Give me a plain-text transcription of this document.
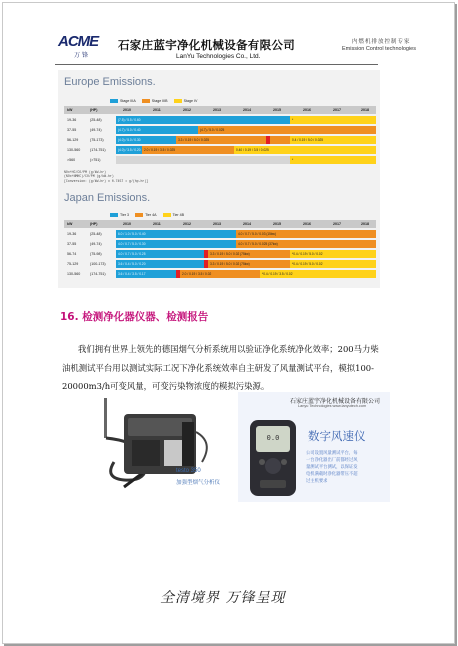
ACME
万锋
石家庄蓝宇净化机械设备有限公司
LanYu Technologies Co., Ltd.
内燃机排放控制专家
Emission Control technologies
Europe Emissions.
Stage IIIA	Stage IIIB	Stage IV
kW	(HP)	2010	2011	2012	2013	2014	2015	2016	2017	2018
19-36	(25-48)	(7.5) / 5.5 / 0.60	*
37-55	(49-74)	(4.7) / 5.0 / 0.40	(4.7) / 5.0 / 0.025
56-129	(75-173)	(4.0) / 5.0 / 0.30	3.3 / 0.19 / 5.0 / 0.025	0.4 / 0.19 / 5.0 / 0.025
130-560	(174-751)	(4.0) / 3.5 / 0.20	2.0 / 0.19 / 3.5 / 0.025	0.40 / 0.19 / 3.5 / 0.025
>560	(>751)	*
NOx+HC/CO/PM (g/kW-hr)
(NOx+NMHC)/CO/PM (g/kW-hr)
[Conversion: (g/kW-hr) x 0.7457 = g/(hp-hr)]
Japan Emissions.
Tier 3	Tier 4A	Tier 4B
kW	(HP)	2010	2011	2012	2013	2014	2015	2016	2017	2018
19-36	(25-48)	6.0 / 1.0 / 5.0 / 0.40	4.0 / 0.7 / 5.0 / 0.03 (15kw)
37-55	(49-74)	4.0 / 0.7 / 5.0 / 0.30	4.0 / 0.7 / 5.0 / 0.025 (37kw)
56-74	(75-98)	4.0 / 0.7 / 5.0 / 0.25	3.3 / 0.19 / 5.0 / 0.02 (75kw)	*0.4 / 0.19 / 5.0 / 0.02
75-129	(100-173)	3.6 / 0.4 / 5.0 / 0.20	3.3 / 0.19 / 5.0 / 0.02 (75kw)	*0.4 / 0.19 / 5.0 / 0.02
130-560	(174-751)	3.6 / 0.4 / 3.5 / 0.17	2.0 / 0.19 / 3.5 / 0.02	*0.4 / 0.19 / 3.5 / 0.02
16. 检测净化器仪器、检测报告

我们拥有世界上领先的德国烟气分析系统用以验证净化系统净化效率；200马力柴油机测试平台用以测试实际工况下净化系统效率自主研发了风量测试平台，模拟100-20000m3/h可变风量，可变污染物浓度的模拟污染源。

testo 350
加强型烟气分析仪
石家庄蓝宇净化机械设备有限公司
Lanyu Technologies www.lanyutech.com
0.0 数字风速仪

公司设置风量测试平台，每

一台净化器出厂前都经过风

量测试平台测试，以保证发

电机满载时净化器带压不超

过主机要求

全清境界 万锋呈现
